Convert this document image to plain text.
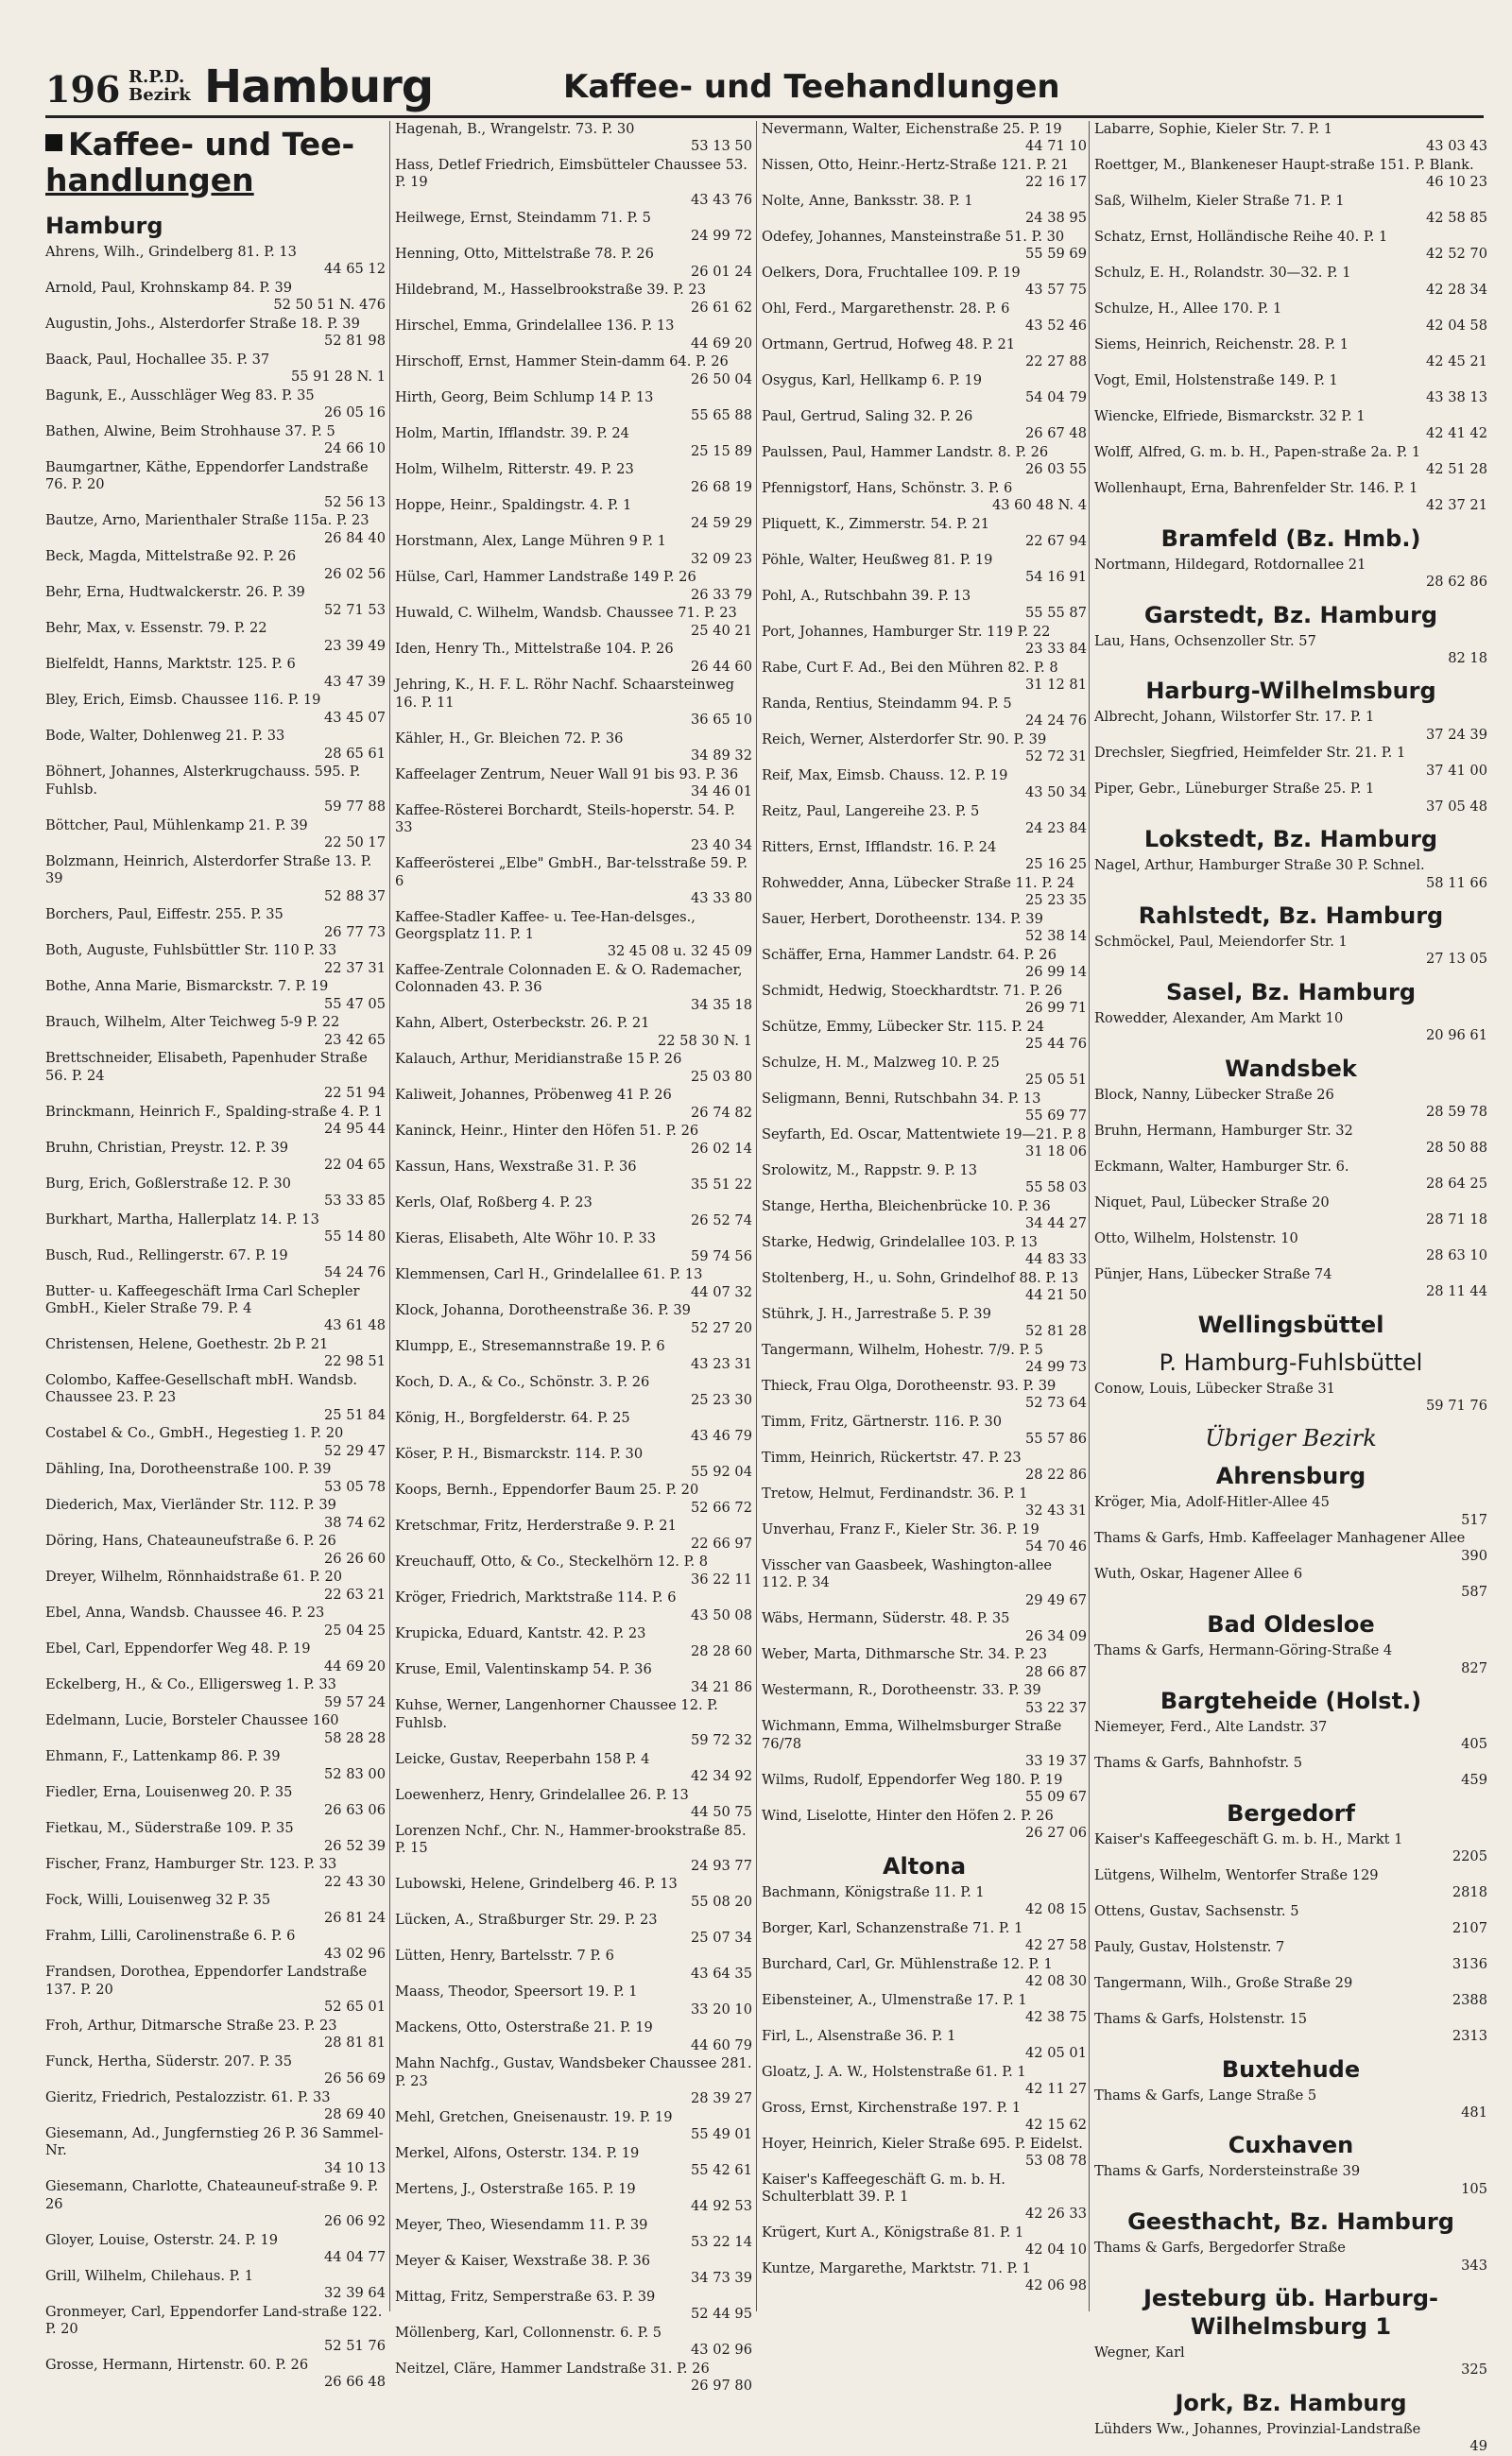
196 R.P.D.
Bezirk Hamburg	Kaffee- und Teehandlungen
Kaffee- und Tee-
handlungen
Hamburg
Ahrens, Wilh., Grindelberg 81. P. 13
44 65 12
Arnold, Paul, Krohnskamp 84. P. 39
52 50 51 N. 476
Augustin, Johs., Alsterdorfer Straße 18. P. 39
52 81 98
Baack, Paul, Hochallee 35. P. 37
55 91 28 N. 1
Bagunk, E., Ausschläger Weg 83. P. 35
26 05 16
Bathen, Alwine, Beim Strohhause 37. P. 5
24 66 10
Baumgartner, Käthe, Eppendorfer Landstraße 76. P. 20
52 56 13
Bautze, Arno, Marienthaler Straße 115a. P. 23
26 84 40
Beck, Magda, Mittelstraße 92. P. 26
26 02 56
Behr, Erna, Hudtwalckerstr. 26. P. 39
52 71 53
Behr, Max, v. Essenstr. 79. P. 22
23 39 49
Bielfeldt, Hanns, Marktstr. 125. P. 6
43 47 39
Bley, Erich, Eimsb. Chaussee 116. P. 19
43 45 07
Bode, Walter, Dohlenweg 21. P. 33
28 65 61
Böhnert, Johannes, Alsterkrugchauss. 595. P. Fuhlsb.
59 77 88
Böttcher, Paul, Mühlenkamp 21. P. 39
22 50 17
Bolzmann, Heinrich, Alsterdorfer Straße 13. P. 39
52 88 37
Borchers, Paul, Eiffestr. 255. P. 35
26 77 73
Both, Auguste, Fuhlsbüttler Str. 110 P. 33
22 37 31
Bothe, Anna Marie, Bismarckstr. 7. P. 19
55 47 05
Brauch, Wilhelm, Alter Teichweg 5-9 P. 22
23 42 65
Brettschneider, Elisabeth, Papenhuder Straße 56. P. 24
22 51 94
Brinckmann, Heinrich F., Spalding-straße 4. P. 1
24 95 44
Bruhn, Christian, Preystr. 12. P. 39
22 04 65
Burg, Erich, Goßlerstraße 12. P. 30
53 33 85
Burkhart, Martha, Hallerplatz 14. P. 13
55 14 80
Busch, Rud., Rellingerstr. 67. P. 19
54 24 76
Butter- u. Kaffeegeschäft Irma Carl Schepler GmbH., Kieler Straße 79. P. 4
43 61 48
Christensen, Helene, Goethestr. 2b P. 21
22 98 51
Colombo, Kaffee-Gesellschaft mbH. Wandsb. Chaussee 23. P. 23
25 51 84
Costabel & Co., GmbH., Hegestieg 1. P. 20
52 29 47
Dähling, Ina, Dorotheenstraße 100. P. 39
53 05 78
Diederich, Max, Vierländer Str. 112. P. 39
38 74 62
Döring, Hans, Chateauneufstraße 6. P. 26
26 26 60
Dreyer, Wilhelm, Rönnhaidstraße 61. P. 20
22 63 21
Ebel, Anna, Wandsb. Chaussee 46. P. 23
25 04 25
Ebel, Carl, Eppendorfer Weg 48. P. 19
44 69 20
Eckelberg, H., & Co., Elligersweg 1. P. 33
59 57 24
Edelmann, Lucie, Borsteler Chaussee 160
58 28 28
Ehmann, F., Lattenkamp 86. P. 39
52 83 00
Fiedler, Erna, Louisenweg 20. P. 35
26 63 06
Fietkau, M., Süderstraße 109. P. 35
26 52 39
Fischer, Franz, Hamburger Str. 123. P. 33
22 43 30
Fock, Willi, Louisenweg 32 P. 35
26 81 24
Frahm, Lilli, Carolinenstraße 6. P. 6
43 02 96
Frandsen, Dorothea, Eppendorfer Landstraße 137. P. 20
52 65 01
Froh, Arthur, Ditmarsche Straße 23. P. 23
28 81 81
Funck, Hertha, Süderstr. 207. P. 35
26 56 69
Gieritz, Friedrich, Pestalozzistr. 61. P. 33
28 69 40
Giesemann, Ad., Jungfernstieg 26 P. 36 Sammel-Nr.
34 10 13
Giesemann, Charlotte, Chateauneuf-straße 9. P. 26
26 06 92
Gloyer, Louise, Osterstr. 24. P. 19
44 04 77
Grill, Wilhelm, Chilehaus. P. 1
32 39 64
Gronmeyer, Carl, Eppendorfer Land-straße 122. P. 20
52 51 76
Grosse, Hermann, Hirtenstr. 60. P. 26
26 66 48
Hagenah, B., Wrangelstr. 73. P. 30
53 13 50
Hass, Detlef Friedrich, Eimsbütteler Chaussee 53. P. 19
43 43 76
Heilwege, Ernst, Steindamm 71. P. 5
24 99 72
Henning, Otto, Mittelstraße 78. P. 26
26 01 24
Hildebrand, M., Hasselbrookstraße 39. P. 23
26 61 62
Hirschel, Emma, Grindelallee 136. P. 13
44 69 20
Hirschoff, Ernst, Hammer Stein-damm 64. P. 26
26 50 04
Hirth, Georg, Beim Schlump 14 P. 13
55 65 88
Holm, Martin, Ifflandstr. 39. P. 24
25 15 89
Holm, Wilhelm, Ritterstr. 49. P. 23
26 68 19
Hoppe, Heinr., Spaldingstr. 4. P. 1
24 59 29
Horstmann, Alex, Lange Mühren 9 P. 1
32 09 23
Hülse, Carl, Hammer Landstraße 149 P. 26
26 33 79
Huwald, C. Wilhelm, Wandsb. Chaussee 71. P. 23
25 40 21
Iden, Henry Th., Mittelstraße 104. P. 26
26 44 60
Jehring, K., H. F. L. Röhr Nachf. Schaarsteinweg 16. P. 11
36 65 10
Kähler, H., Gr. Bleichen 72. P. 36
34 89 32
Kaffeelager Zentrum, Neuer Wall 91 bis 93. P. 36
34 46 01
Kaffee-Rösterei Borchardt, Steils-hoperstr. 54. P. 33
23 40 34
Kaffeerösterei „Elbe" GmbH., Bar-telsstraße 59. P. 6
43 33 80
Kaffee-Stadler Kaffee- u. Tee-Han-delsges., Georgsplatz 11. P. 1
32 45 08 u. 32 45 09
Kaffee-Zentrale Colonnaden E. & O. Rademacher, Colonnaden 43. P. 36
34 35 18
Kahn, Albert, Osterbeckstr. 26. P. 21
22 58 30 N. 1
Kalauch, Arthur, Meridianstraße 15 P. 26
25 03 80
Kaliweit, Johannes, Pröbenweg 41 P. 26
26 74 82
Kaninck, Heinr., Hinter den Höfen 51. P. 26
26 02 14
Kassun, Hans, Wexstraße 31. P. 36
35 51 22
Kerls, Olaf, Roßberg 4. P. 23
26 52 74
Kieras, Elisabeth, Alte Wöhr 10. P. 33
59 74 56
Klemmensen, Carl H., Grindelallee 61. P. 13
44 07 32
Klock, Johanna, Dorotheenstraße 36. P. 39
52 27 20
Klumpp, E., Stresemannstraße 19. P. 6
43 23 31
Koch, D. A., & Co., Schönstr. 3. P. 26
25 23 30
König, H., Borgfelderstr. 64. P. 25
43 46 79
Köser, P. H., Bismarckstr. 114. P. 30
55 92 04
Koops, Bernh., Eppendorfer Baum 25. P. 20
52 66 72
Kretschmar, Fritz, Herderstraße 9. P. 21
22 66 97
Kreuchauff, Otto, & Co., Steckelhörn 12. P. 8
36 22 11
Kröger, Friedrich, Marktstraße 114. P. 6
43 50 08
Krupicka, Eduard, Kantstr. 42. P. 23
28 28 60
Kruse, Emil, Valentinskamp 54. P. 36
34 21 86
Kuhse, Werner, Langenhorner Chaussee 12. P. Fuhlsb.
59 72 32
Leicke, Gustav, Reeperbahn 158 P. 4
42 34 92
Loewenherz, Henry, Grindelallee 26. P. 13
44 50 75
Lorenzen Nchf., Chr. N., Hammer-brookstraße 85. P. 15
24 93 77
Lubowski, Helene, Grindelberg 46. P. 13
55 08 20
Lücken, A., Straßburger Str. 29. P. 23
25 07 34
Lütten, Henry, Bartelsstr. 7 P. 6
43 64 35
Maass, Theodor, Speersort 19. P. 1
33 20 10
Mackens, Otto, Osterstraße 21. P. 19
44 60 79
Mahn Nachfg., Gustav, Wandsbeker Chaussee 281. P. 23
28 39 27
Mehl, Gretchen, Gneisenaustr. 19. P. 19
55 49 01
Merkel, Alfons, Osterstr. 134. P. 19
55 42 61
Mertens, J., Osterstraße 165. P. 19
44 92 53
Meyer, Theo, Wiesendamm 11. P. 39
53 22 14
Meyer & Kaiser, Wexstraße 38. P. 36
34 73 39
Mittag, Fritz, Semperstraße 63. P. 39
52 44 95
Möllenberg, Karl, Collonnenstr. 6. P. 5
43 02 96
Neitzel, Cläre, Hammer Landstraße 31. P. 26
26 97 80
Nevermann, Walter, Eichenstraße 25. P. 19
44 71 10
Nissen, Otto, Heinr.-Hertz-Straße 121. P. 21
22 16 17
Nolte, Anne, Banksstr. 38. P. 1
24 38 95
Odefey, Johannes, Mansteinstraße 51. P. 30
55 59 69
Oelkers, Dora, Fruchtallee 109. P. 19
43 57 75
Ohl, Ferd., Margarethenstr. 28. P. 6
43 52 46
Ortmann, Gertrud, Hofweg 48. P. 21
22 27 88
Osygus, Karl, Hellkamp 6. P. 19
54 04 79
Paul, Gertrud, Saling 32. P. 26
26 67 48
Paulssen, Paul, Hammer Landstr. 8. P. 26
26 03 55
Pfennigstorf, Hans, Schönstr. 3. P. 6
43 60 48 N. 4
Pliquett, K., Zimmerstr. 54. P. 21
22 67 94
Pöhle, Walter, Heußweg 81. P. 19
54 16 91
Pohl, A., Rutschbahn 39. P. 13
55 55 87
Port, Johannes, Hamburger Str. 119 P. 22
23 33 84
Rabe, Curt F. Ad., Bei den Mühren 82. P. 8
31 12 81
Randa, Rentius, Steindamm 94. P. 5
24 24 76
Reich, Werner, Alsterdorfer Str. 90. P. 39
52 72 31
Reif, Max, Eimsb. Chauss. 12. P. 19
43 50 34
Reitz, Paul, Langereihe 23. P. 5
24 23 84
Ritters, Ernst, Ifflandstr. 16. P. 24
25 16 25
Rohwedder, Anna, Lübecker Straße 11. P. 24
25 23 35
Sauer, Herbert, Dorotheenstr. 134. P. 39
52 38 14
Schäffer, Erna, Hammer Landstr. 64. P. 26
26 99 14
Schmidt, Hedwig, Stoeckhardtstr. 71. P. 26
26 99 71
Schütze, Emmy, Lübecker Str. 115. P. 24
25 44 76
Schulze, H. M., Malzweg 10. P. 25
25 05 51
Seligmann, Benni, Rutschbahn 34. P. 13
55 69 77
Seyfarth, Ed. Oscar, Mattentwiete 19—21. P. 8
31 18 06
Srolowitz, M., Rappstr. 9. P. 13
55 58 03
Stange, Hertha, Bleichenbrücke 10. P. 36
34 44 27
Starke, Hedwig, Grindelallee 103. P. 13
44 83 33
Stoltenberg, H., u. Sohn, Grindelhof 88. P. 13
44 21 50
Stührk, J. H., Jarrestraße 5. P. 39
52 81 28
Tangermann, Wilhelm, Hohestr. 7/9. P. 5
24 99 73
Thieck, Frau Olga, Dorotheenstr. 93. P. 39
52 73 64
Timm, Fritz, Gärtnerstr. 116. P. 30
55 57 86
Timm, Heinrich, Rückertstr. 47. P. 23
28 22 86
Tretow, Helmut, Ferdinandstr. 36. P. 1
32 43 31
Unverhau, Franz F., Kieler Str. 36. P. 19
54 70 46
Visscher van Gaasbeek, Washington-allee 112. P. 34
29 49 67
Wäbs, Hermann, Süderstr. 48. P. 35
26 34 09
Weber, Marta, Dithmarsche Str. 34. P. 23
28 66 87
Westermann, R., Dorotheenstr. 33. P. 39
53 22 37
Wichmann, Emma, Wilhelmsburger Straße 76/78
33 19 37
Wilms, Rudolf, Eppendorfer Weg 180. P. 19
55 09 67
Wind, Liselotte, Hinter den Höfen 2. P. 26
26 27 06
Altona
Bachmann, Königstraße 11. P. 1
42 08 15
Borger, Karl, Schanzenstraße 71. P. 1
42 27 58
Burchard, Carl, Gr. Mühlenstraße 12. P. 1
42 08 30
Eibensteiner, A., Ulmenstraße 17. P. 1
42 38 75
Firl, L., Alsenstraße 36. P. 1
42 05 01
Gloatz, J. A. W., Holstenstraße 61. P. 1
42 11 27
Gross, Ernst, Kirchenstraße 197. P. 1
42 15 62
Hoyer, Heinrich, Kieler Straße 695. P. Eidelst.
53 08 78
Kaiser's Kaffeegeschäft G. m. b. H. Schulterblatt 39. P. 1
42 26 33
Krügert, Kurt A., Königstraße 81. P. 1
42 04 10
Kuntze, Margarethe, Marktstr. 71. P. 1
42 06 98
Labarre, Sophie, Kieler Str. 7. P. 1
43 03 43
Roettger, M., Blankeneser Haupt-straße 151. P. Blank.
46 10 23
Saß, Wilhelm, Kieler Straße 71. P. 1
42 58 85
Schatz, Ernst, Holländische Reihe 40. P. 1
42 52 70
Schulz, E. H., Rolandstr. 30—32. P. 1
42 28 34
Schulze, H., Allee 170. P. 1
42 04 58
Siems, Heinrich, Reichenstr. 28. P. 1
42 45 21
Vogt, Emil, Holstenstraße 149. P. 1
43 38 13
Wiencke, Elfriede, Bismarckstr. 32 P. 1
42 41 42
Wolff, Alfred, G. m. b. H., Papen-straße 2a. P. 1
42 51 28
Wollenhaupt, Erna, Bahrenfelder Str. 146. P. 1
42 37 21
Bramfeld (Bz. Hmb.)
Nortmann, Hildegard, Rotdornallee 21
28 62 86
Garstedt, Bz. Hamburg
Lau, Hans, Ochsenzoller Str. 57
82 18
Harburg-Wilhelmsburg
Albrecht, Johann, Wilstorfer Str. 17. P. 1
37 24 39
Drechsler, Siegfried, Heimfelder Str. 21. P. 1
37 41 00
Piper, Gebr., Lüneburger Straße 25. P. 1
37 05 48
Lokstedt, Bz. Hamburg
Nagel, Arthur, Hamburger Straße 30 P. Schnel.
58 11 66
Rahlstedt, Bz. Hamburg
Schmöckel, Paul, Meiendorfer Str. 1
27 13 05
Sasel, Bz. Hamburg
Rowedder, Alexander, Am Markt 10
20 96 61
Wandsbek
Block, Nanny, Lübecker Straße 26
28 59 78
Bruhn, Hermann, Hamburger Str. 32
28 50 88
Eckmann, Walter, Hamburger Str. 6.
28 64 25
Niquet, Paul, Lübecker Straße 20
28 71 18
Otto, Wilhelm, Holstenstr. 10
28 63 10
Pünjer, Hans, Lübecker Straße 74
28 11 44
Wellingsbüttel
P. Hamburg-Fuhlsbüttel
Conow, Louis, Lübecker Straße 31
59 71 76
Übriger Bezirk
Ahrensburg
Kröger, Mia, Adolf-Hitler-Allee 45
517
Thams & Garfs, Hmb. Kaffeelager Manhagener Allee
390
Wuth, Oskar, Hagener Allee 6
587
Bad Oldesloe
Thams & Garfs, Hermann-Göring-Straße 4
827
Bargteheide (Holst.)
Niemeyer, Ferd., Alte Landstr. 37
405
Thams & Garfs, Bahnhofstr. 5
459
Bergedorf
Kaiser's Kaffeegeschäft G. m. b. H., Markt 1
2205
Lütgens, Wilhelm, Wentorfer Straße 129
2818
Ottens, Gustav, Sachsenstr. 5
2107
Pauly, Gustav, Holstenstr. 7
3136
Tangermann, Wilh., Große Straße 29
2388
Thams & Garfs, Holstenstr. 15
2313
Buxtehude
Thams & Garfs, Lange Straße 5
481
Cuxhaven
Thams & Garfs, Nordersteinstraße 39
105
Geesthacht, Bz. Hamburg
Thams & Garfs, Bergedorfer Straße
343
Jesteburg üb. Harburg-Wilhelmsburg 1
Wegner, Karl
325
Jork, Bz. Hamburg
Lühders Ww., Johannes, Provinzial-Landstraße
49
